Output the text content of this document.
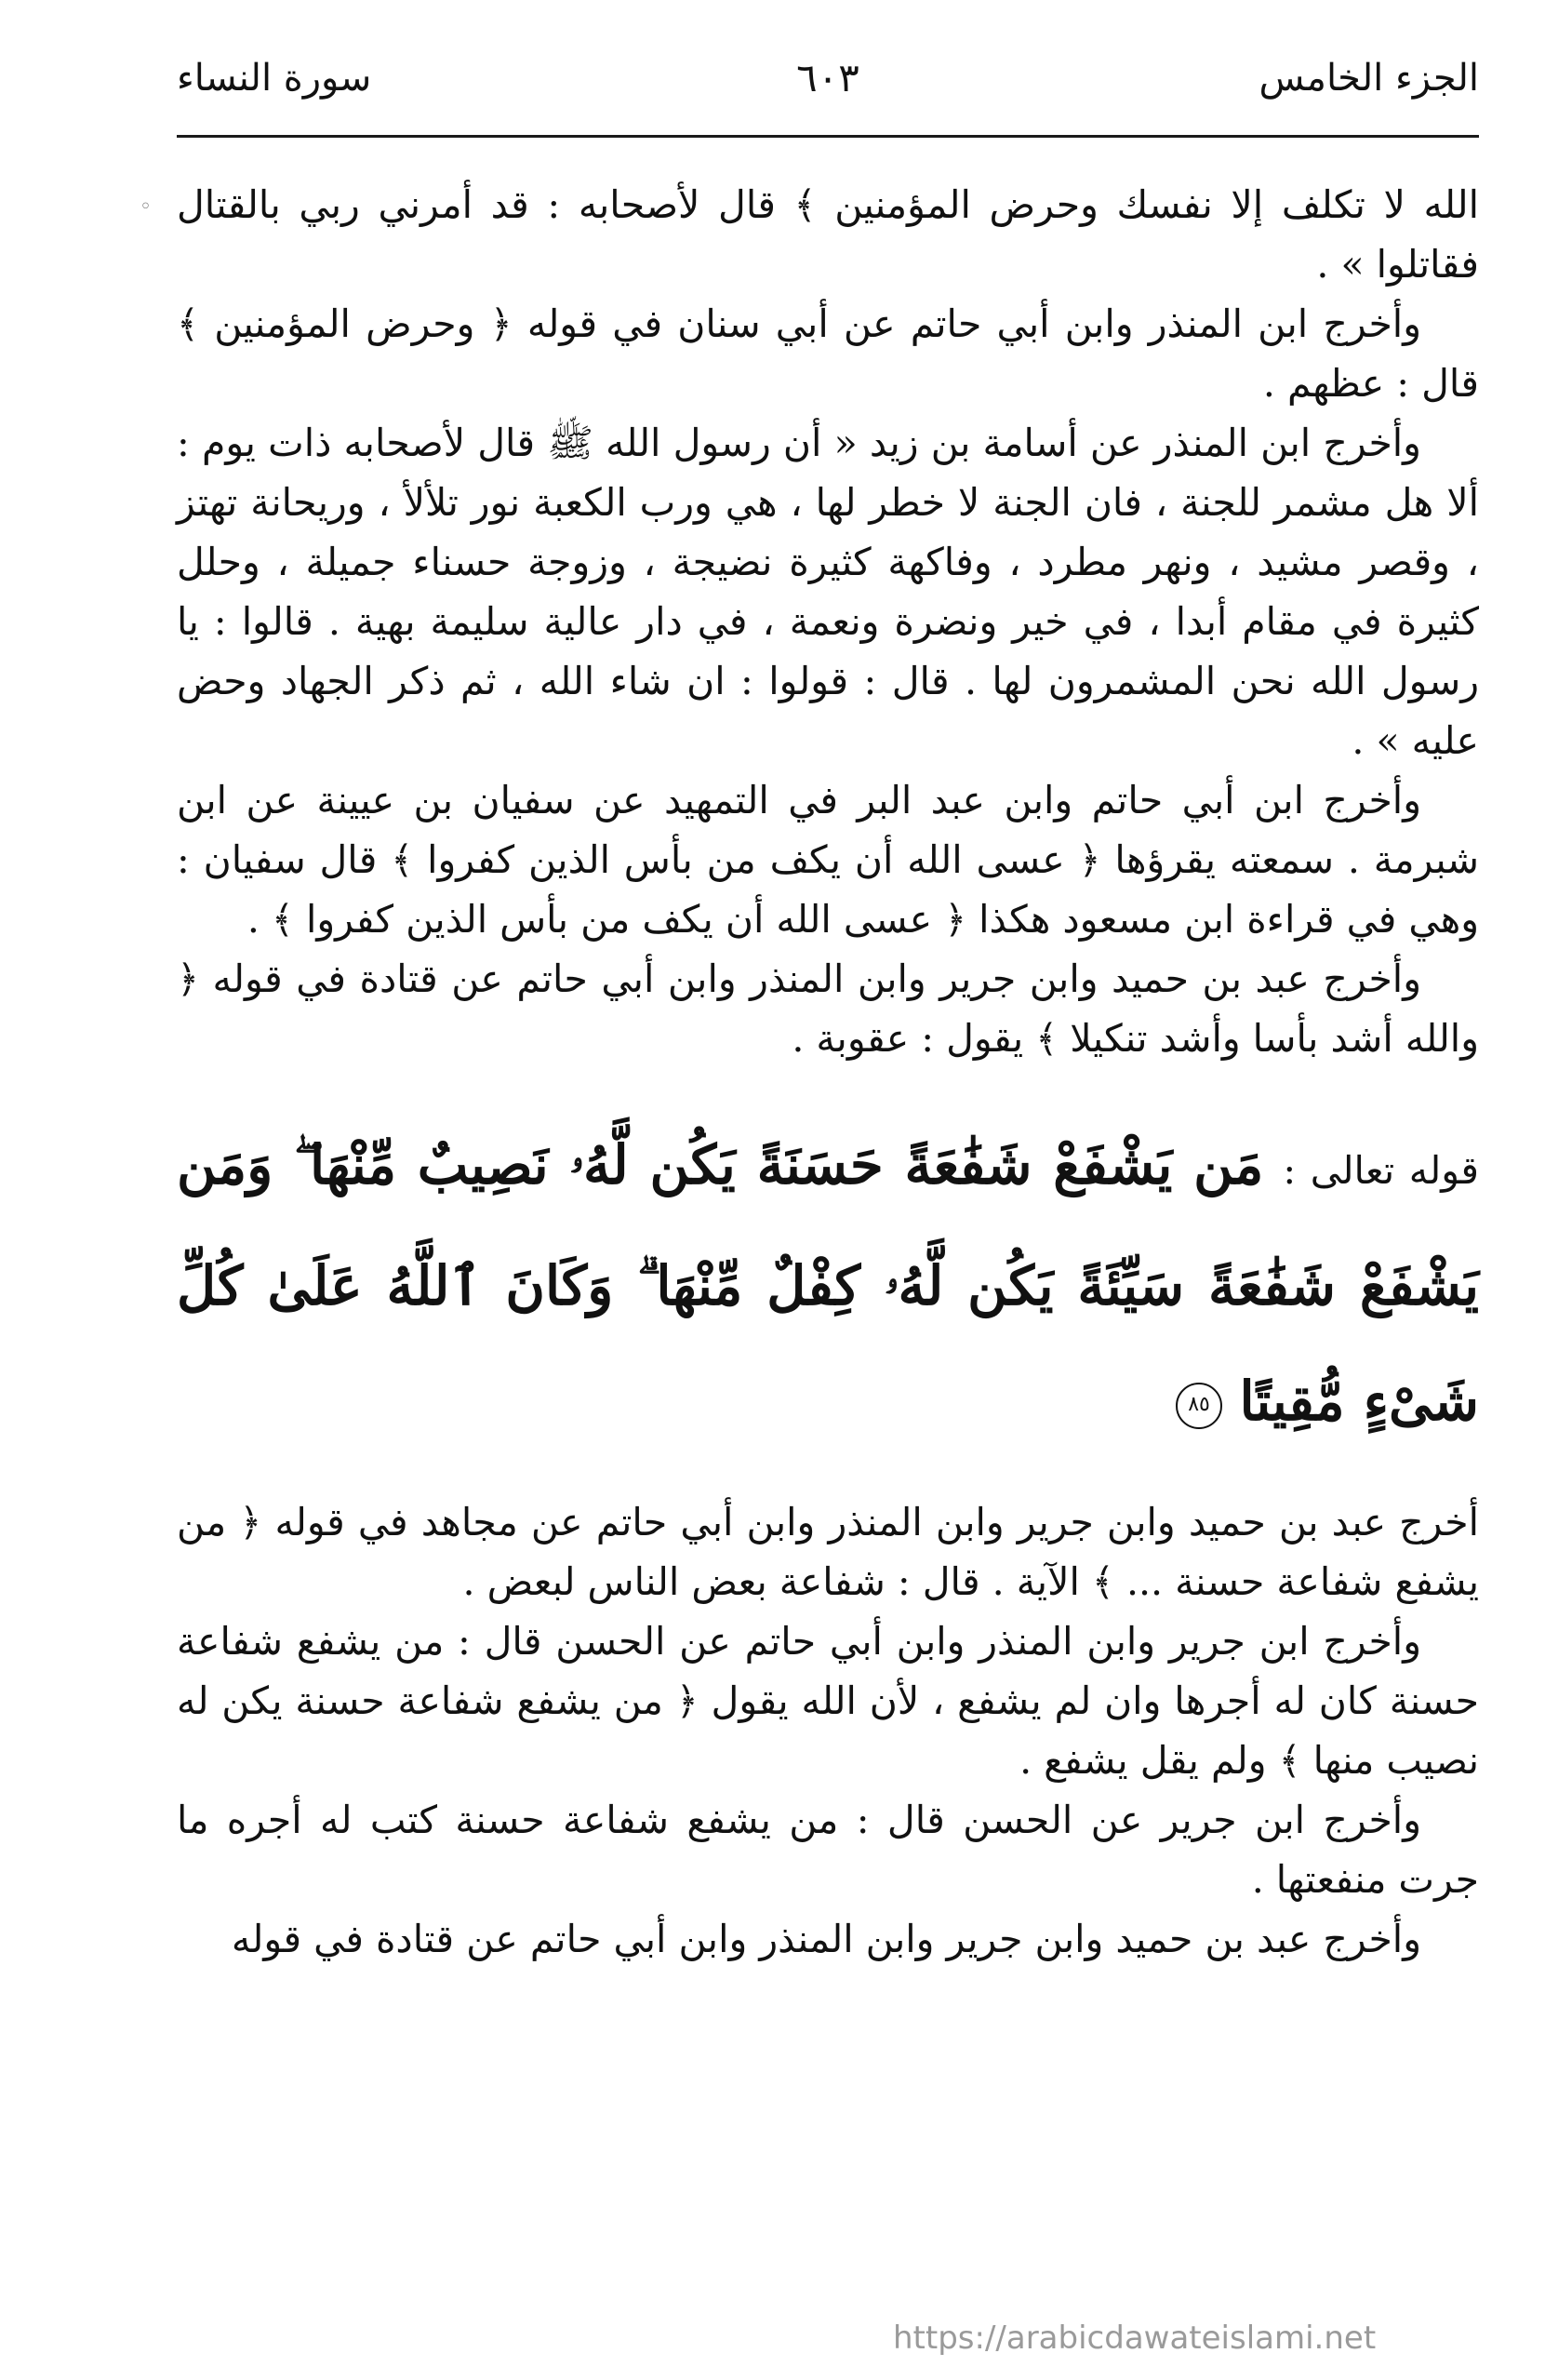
الجزء الخامس
٦٠٣
سورة النساء
◦ الله لا تكلف إلا نفسك وحرض المؤمنين ﴾ قال لأصحابه : قد أمرني ربي بالقتال فقاتلوا » .

وأخرج ابن المنذر وابن أبي حاتم عن أبي سنان في قوله ﴿ وحرض المؤمنين ﴾ قال : عظهم .

وأخرج ابن المنذر عن أسامة بن زيد « أن رسول الله ﷺ قال لأصحابه ذات يوم : ألا هل مشمر للجنة ، فان الجنة لا خطر لها ، هي ورب الكعبة نور تلألأ ، وريحانة تهتز ، وقصر مشيد ، ونهر مطرد ، وفاكهة كثيرة نضيجة ، وزوجة حسناء جميلة ، وحلل كثيرة في مقام أبدا ، في خير ونضرة ونعمة ، في دار عالية سليمة بهية . قالوا : يا رسول الله نحن المشمرون لها . قال : قولوا : ان شاء الله ، ثم ذكر الجهاد وحض عليه » .

وأخرج ابن أبي حاتم وابن عبد البر في التمهيد عن سفيان بن عيينة عن ابن شبرمة . سمعته يقرؤها ﴿ عسى الله أن يكف من بأس الذين كفروا ﴾ قال سفيان : وهي في قراءة ابن مسعود هكذا ﴿ عسى الله أن يكف من بأس الذين كفروا ﴾ .

وأخرج عبد بن حميد وابن جرير وابن المنذر وابن أبي حاتم عن قتادة في قوله ﴿ والله أشد بأسا وأشد تنكيلا ﴾ يقول : عقوبة .

قوله تعالى : مَن يَشْفَعْ شَفَٰعَةً حَسَنَةً يَكُن لَّهُۥ نَصِيبٌ مِّنْهَا ۖ وَمَن يَشْفَعْ شَفَٰعَةً سَيِّئَةً يَكُن لَّهُۥ كِفْلٌ مِّنْهَا ۗ وَكَانَ ٱللَّهُ عَلَىٰ كُلِّ شَىْءٍ مُّقِيتًا ٨٥

أخرج عبد بن حميد وابن جرير وابن المنذر وابن أبي حاتم عن مجاهد في قوله ﴿ من يشفع شفاعة حسنة ... ﴾ الآية . قال : شفاعة بعض الناس لبعض .

وأخرج ابن جرير وابن المنذر وابن أبي حاتم عن الحسن قال : من يشفع شفاعة حسنة كان له أجرها وان لم يشفع ، لأن الله يقول ﴿ من يشفع شفاعة حسنة يكن له نصيب منها ﴾ ولم يقل يشفع .

وأخرج ابن جرير عن الحسن قال : من يشفع شفاعة حسنة كتب له أجره ما جرت منفعتها .

وأخرج عبد بن حميد وابن جرير وابن المنذر وابن أبي حاتم عن قتادة في قوله

https://arabicdawateislami.net
